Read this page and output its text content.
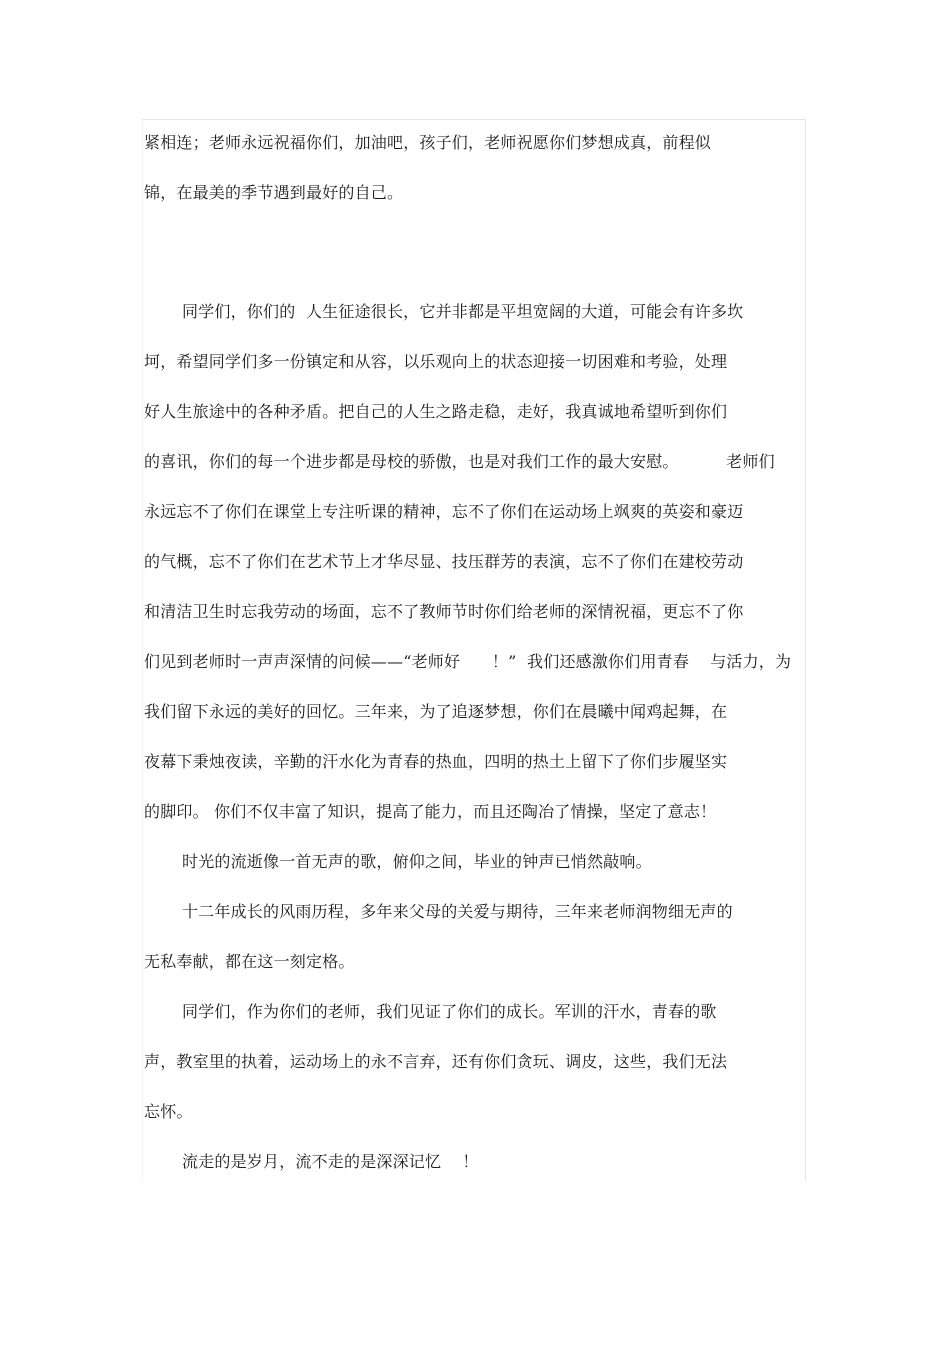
紧相连；老师永远祝福你们，加油吧，孩子们，老师祝愿你们梦想成真，前程似
锦，在最美的季节遇到最好的自己。
同学们，你们的  人生征途很长，它并非都是平坦宽阔的大道，可能会有许多坎
坷，希望同学们多一份镇定和从容，以乐观向上的状态迎接一切困难和考验，处理
好人生旅途中的各种矛盾。把自己的人生之路走稳，走好，我真诚地希望听到你们
的喜讯，你们的每一个进步都是母校的骄傲，也是对我们工作的最大安慰。         老师们
永远忘不了你们在课堂上专注听课的精神，忘不了你们在运动场上飒爽的英姿和豪迈
的气概，忘不了你们在艺术节上才华尽显、技压群芳的表演，忘不了你们在建校劳动
和清洁卫生时忘我劳动的场面，忘不了教师节时你们给老师的深情祝福，更忘不了你
们见到老师时一声声深情的问候——“老师好      ！”  我们还感激你们用青春    与活力，为
我们留下永远的美好的回忆。三年来，为了追逐梦想，你们在晨曦中闻鸡起舞，在
夜幕下秉烛夜读，辛勤的汗水化为青春的热血，四明的热土上留下了你们步履坚实
的脚印。 你们不仅丰富了知识，提高了能力，而且还陶冶了情操，坚定了意志！
时光的流逝像一首无声的歌，俯仰之间，毕业的钟声已悄然敲响。
十二年成长的风雨历程，多年来父母的关爱与期待，三年来老师润物细无声的
无私奉献，都在这一刻定格。
同学们，作为你们的老师，我们见证了你们的成长。军训的汗水，青春的歌
声，教室里的执着，运动场上的永不言弃，还有你们贪玩、调皮，这些，我们无法
忘怀。
流走的是岁月，流不走的是深深记忆    ！
